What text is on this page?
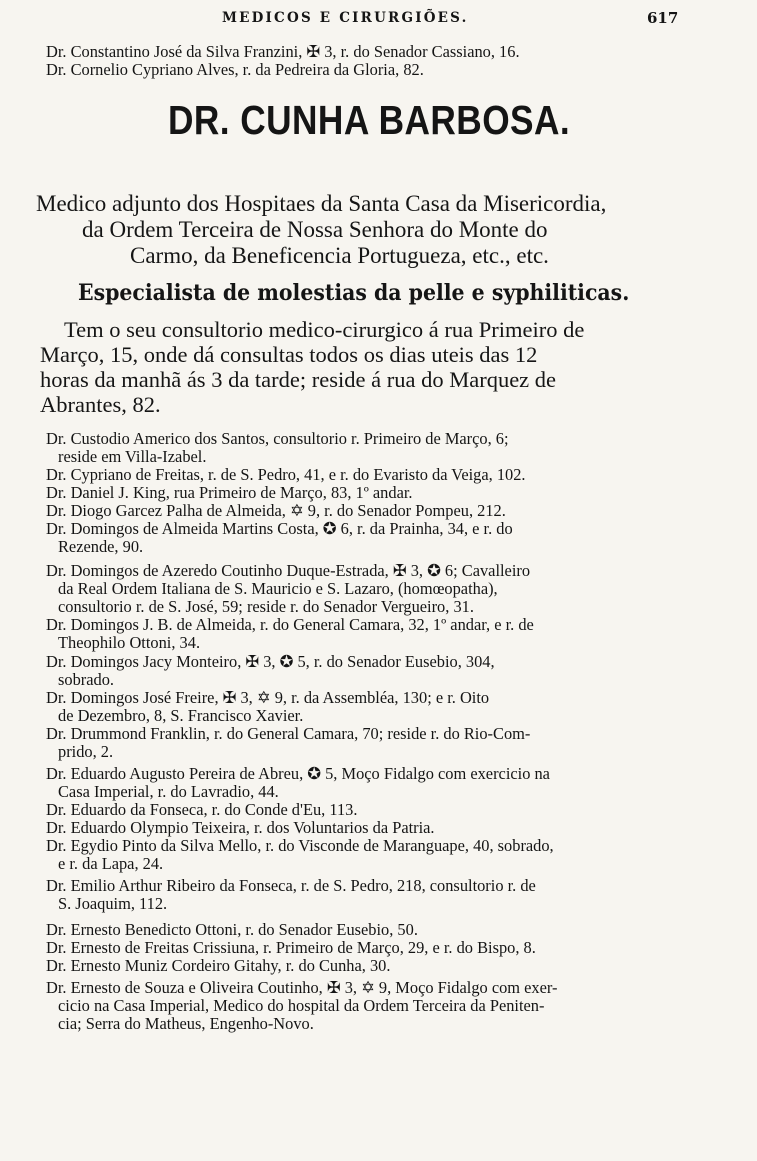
MEDICOS E CIRURGIÕES.	617
Dr. Constantino José da Silva Franzini, ✠ 3, r. do Senador Cassiano, 16.
Dr. Cornelio Cypriano Alves, r. da Pedreira da Gloria, 82.
DR. CUNHA BARBOSA.
Medico adjunto dos Hospitaes da Santa Casa da Misericordia,
da Ordem Terceira de Nossa Senhora do Monte do
Carmo, da Beneficencia Portugueza, etc., etc.
Especialista de molestias da pelle e syphiliticas.
Tem o seu consultorio medico-cirurgico á rua Primeiro de
Março, 15, onde dá consultas todos os dias uteis das 12
horas da manhã ás 3 da tarde; reside á rua do Marquez de
Abrantes, 82.
Dr. Custodio Americo dos Santos, consultorio r. Primeiro de Março, 6;
reside em Villa-Izabel.
Dr. Cypriano de Freitas, r. de S. Pedro, 41, e r. do Evaristo da Veiga, 102.
Dr. Daniel J. King, rua Primeiro de Março, 83, 1º andar.
Dr. Diogo Garcez Palha de Almeida, ✡ 9, r. do Senador Pompeu, 212.
Dr. Domingos de Almeida Martins Costa, ✪ 6, r. da Prainha, 34, e r. do
Rezende, 90.
Dr. Domingos de Azeredo Coutinho Duque-Estrada, ✠ 3, ✪ 6; Cavalleiro
da Real Ordem Italiana de S. Mauricio e S. Lazaro, (homœopatha),
consultorio r. de S. José, 59; reside r. do Senador Vergueiro, 31.
Dr. Domingos J. B. de Almeida, r. do General Camara, 32, 1º andar, e r. de
Theophilo Ottoni, 34.
Dr. Domingos Jacy Monteiro, ✠ 3, ✪ 5, r. do Senador Eusebio, 304,
sobrado.
Dr. Domingos José Freire, ✠ 3, ✡ 9, r. da Assembléa, 130; e r. Oito
de Dezembro, 8, S. Francisco Xavier.
Dr. Drummond Franklin, r. do General Camara, 70; reside r. do Rio-Com-
prido, 2.
Dr. Eduardo Augusto Pereira de Abreu, ✪ 5, Moço Fidalgo com exercicio na
Casa Imperial, r. do Lavradio, 44.
Dr. Eduardo da Fonseca, r. do Conde d'Eu, 113.
Dr. Eduardo Olympio Teixeira, r. dos Voluntarios da Patria.
Dr. Egydio Pinto da Silva Mello, r. do Visconde de Maranguape, 40, sobrado,
e r. da Lapa, 24.
Dr. Emilio Arthur Ribeiro da Fonseca, r. de S. Pedro, 218, consultorio r. de
S. Joaquim, 112.
Dr. Ernesto Benedicto Ottoni, r. do Senador Eusebio, 50.
Dr. Ernesto de Freitas Crissiuna, r. Primeiro de Março, 29, e r. do Bispo, 8.
Dr. Ernesto Muniz Cordeiro Gitahy, r. do Cunha, 30.
Dr. Ernesto de Souza e Oliveira Coutinho, ✠ 3, ✡ 9, Moço Fidalgo com exer-
cicio na Casa Imperial, Medico do hospital da Ordem Terceira da Peniten-
cia; Serra do Matheus, Engenho-Novo.
